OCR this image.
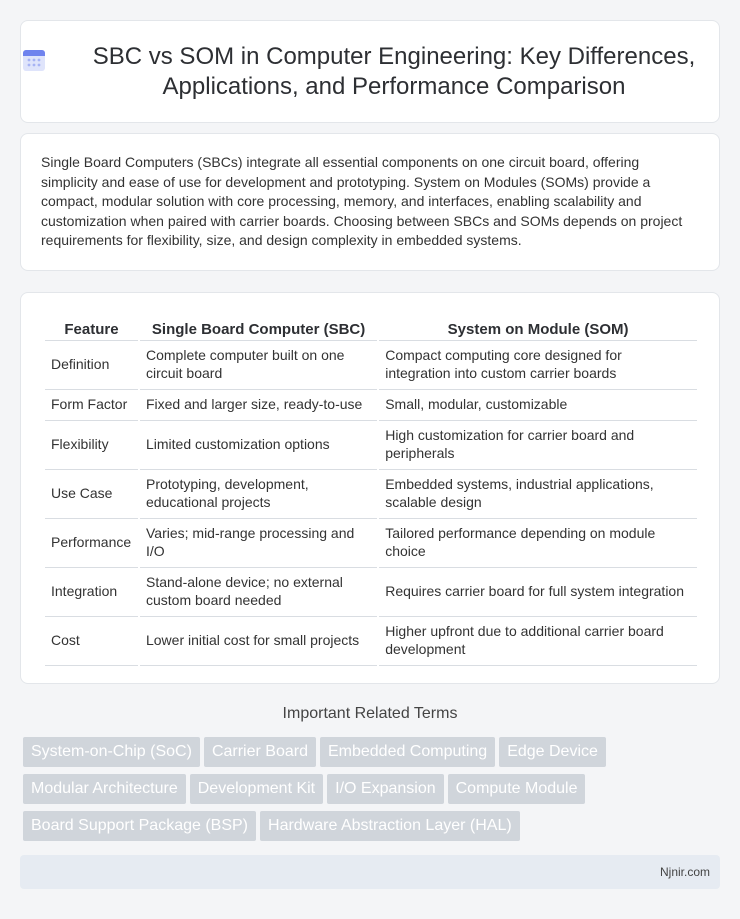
SBC vs SOM in Computer Engineering: Key Differences, Applications, and Performance Comparison

Single Board Computers (SBCs) integrate all essential components on one circuit board, offering simplicity and ease of use for development and prototyping. System on Modules (SOMs) provide a compact, modular solution with core processing, memory, and interfaces, enabling scalability and customization when paired with carrier boards. Choosing between SBCs and SOMs depends on project requirements for flexibility, size, and design complexity in embedded systems.

Feature	Single Board Computer (SBC)	System on Module (SOM)
Definition	Complete computer built on one circuit board	Compact computing core designed for integration into custom carrier boards
Form Factor	Fixed and larger size, ready-to-use	Small, modular, customizable
Flexibility	Limited customization options	High customization for carrier board and peripherals
Use Case	Prototyping, development, educational projects	Embedded systems, industrial applications, scalable design
Performance	Varies; mid-range processing and I/O	Tailored performance depending on module choice
Integration	Stand-alone device; no external custom board needed	Requires carrier board for full system integration
Cost	Lower initial cost for small projects	Higher upfront due to additional carrier board development
Important Related Terms
System-on-Chip (SoC) Carrier Board Embedded Computing Edge Device
Modular Architecture Development Kit I/O Expansion Compute Module
Board Support Package (BSP) Hardware Abstraction Layer (HAL)
Njnir.com
